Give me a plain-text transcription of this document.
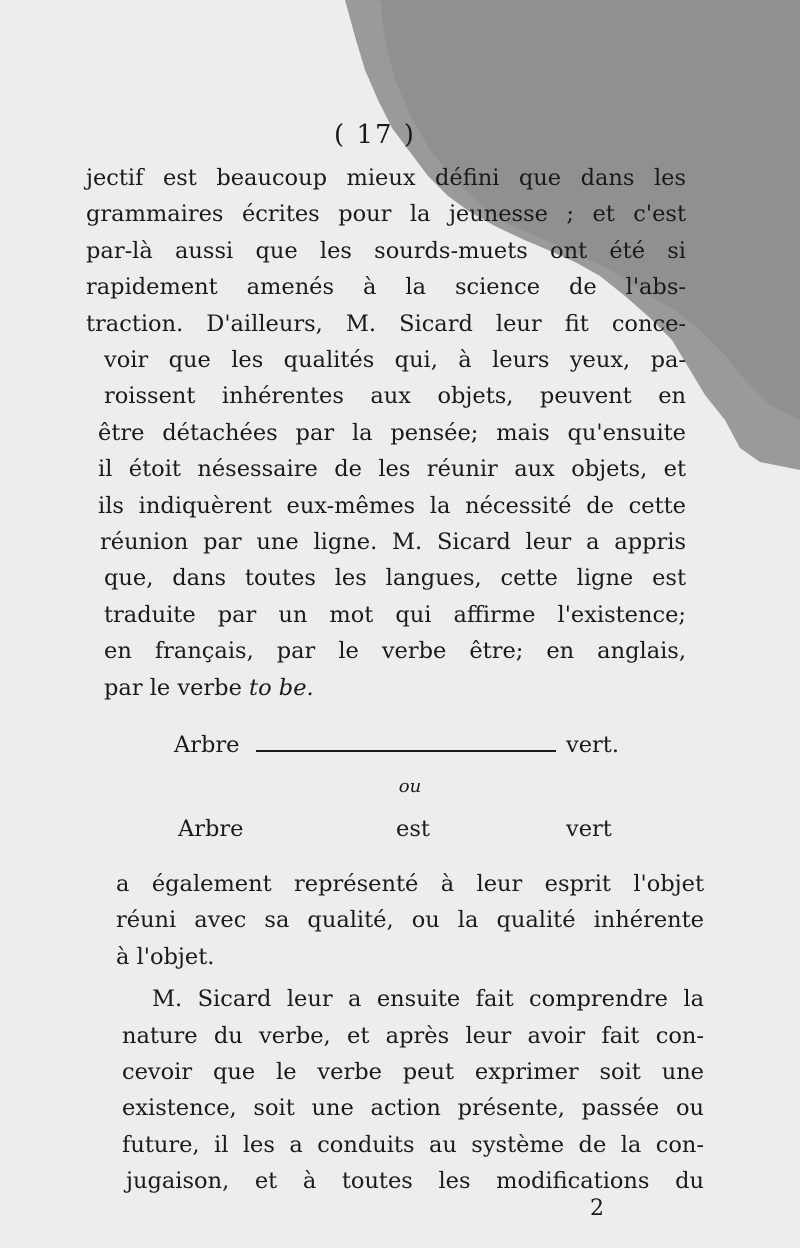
( 17 )
jectif est beaucoup mieux défini que dans les
grammaires écrites pour la jeunesse ; et c'est
par-là aussi que les sourds-muets ont été si
rapidement amenés à la science de l'abs-
traction. D'ailleurs, M. Sicard leur fit conce-
voir que les qualités qui, à leurs yeux, pa-
roissent inhérentes aux objets, peuvent en
être détachées par la pensée; mais qu'ensuite
il étoit nésessaire de les réunir aux objets, et
ils indiquèrent eux-mêmes la nécessité de cette
réunion par une ligne. M. Sicard leur a appris
que, dans toutes les langues, cette ligne est
traduite par un mot qui affirme l'existence;
en français, par le verbe être; en anglais,
par le verbe to be.
Arbre	vert.
ou
Arbre	est	vert
a également représenté à leur esprit l'objet
réuni avec sa qualité, ou la qualité inhérente
à l'objet.
M. Sicard leur a ensuite fait comprendre la
nature du verbe, et après leur avoir fait con-
cevoir que le verbe peut exprimer soit une
existence, soit une action présente, passée ou
future, il les a conduits au système de la con-
jugaison, et à toutes les modifications du
2
